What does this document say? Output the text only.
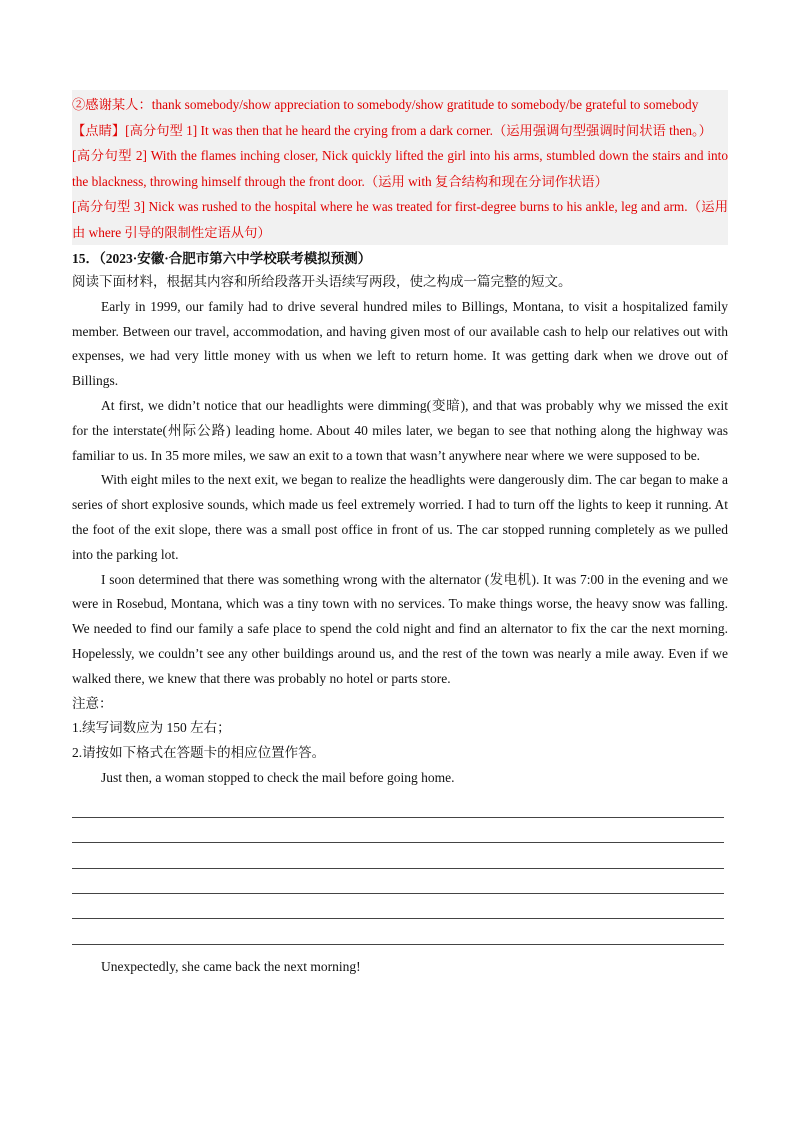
②感谢某人：thank somebody/show appreciation to somebody/show gratitude to somebody/be grateful to somebody

【点睛】[高分句型 1] It was then that he heard the crying from a dark corner.（运用强调句型强调时间状语 then。）

[高分句型 2] With the flames inching closer, Nick quickly lifted the girl into his arms, stumbled down the stairs and into the blackness, throwing himself through the front door.（运用 with 复合结构和现在分词作状语）

[高分句型 3] Nick was rushed to the hospital where he was treated for first-degree burns to his ankle, leg and arm.（运用由 where 引导的限制性定语从句）

15．（2023·安徽·合肥市第六中学校联考模拟预测）

阅读下面材料，根据其内容和所给段落开头语续写两段，使之构成一篇完整的短文。

Early in 1999, our family had to drive several hundred miles to Billings, Montana, to visit a hospitalized family member. Between our travel, accommodation, and having given most of our available cash to help our relatives out with expenses, we had very little money with us when we left to return home. It was getting dark when we drove out of Billings.

At first, we didn’t notice that our headlights were dimming(变暗), and that was probably why we missed the exit for the interstate(州际公路) leading home. About 40 miles later, we began to see that nothing along the highway was familiar to us. In 35 more miles, we saw an exit to a town that wasn’t anywhere near where we were supposed to be.

With eight miles to the next exit, we began to realize the headlights were dangerously dim. The car began to make a series of short explosive sounds, which made us feel extremely worried. I had to turn off the lights to keep it running. At the foot of the exit slope, there was a small post office in front of us. The car stopped running completely as we pulled into the parking lot.

I soon determined that there was something wrong with the alternator (发电机). It was 7:00 in the evening and we were in Rosebud, Montana, which was a tiny town with no services. To make things worse, the heavy snow was falling. We needed to find our family a safe place to spend the cold night and find an alternator to fix the car the next morning. Hopelessly, we couldn’t see any other buildings around us, and the rest of the town was nearly a mile away. Even if we walked there, we knew that there was probably no hotel or parts store.

注意：

1.续写词数应为 150 左右；

2.请按如下格式在答题卡的相应位置作答。

Just then, a woman stopped to check the mail before going home.

Unexpectedly, she came back the next morning!
